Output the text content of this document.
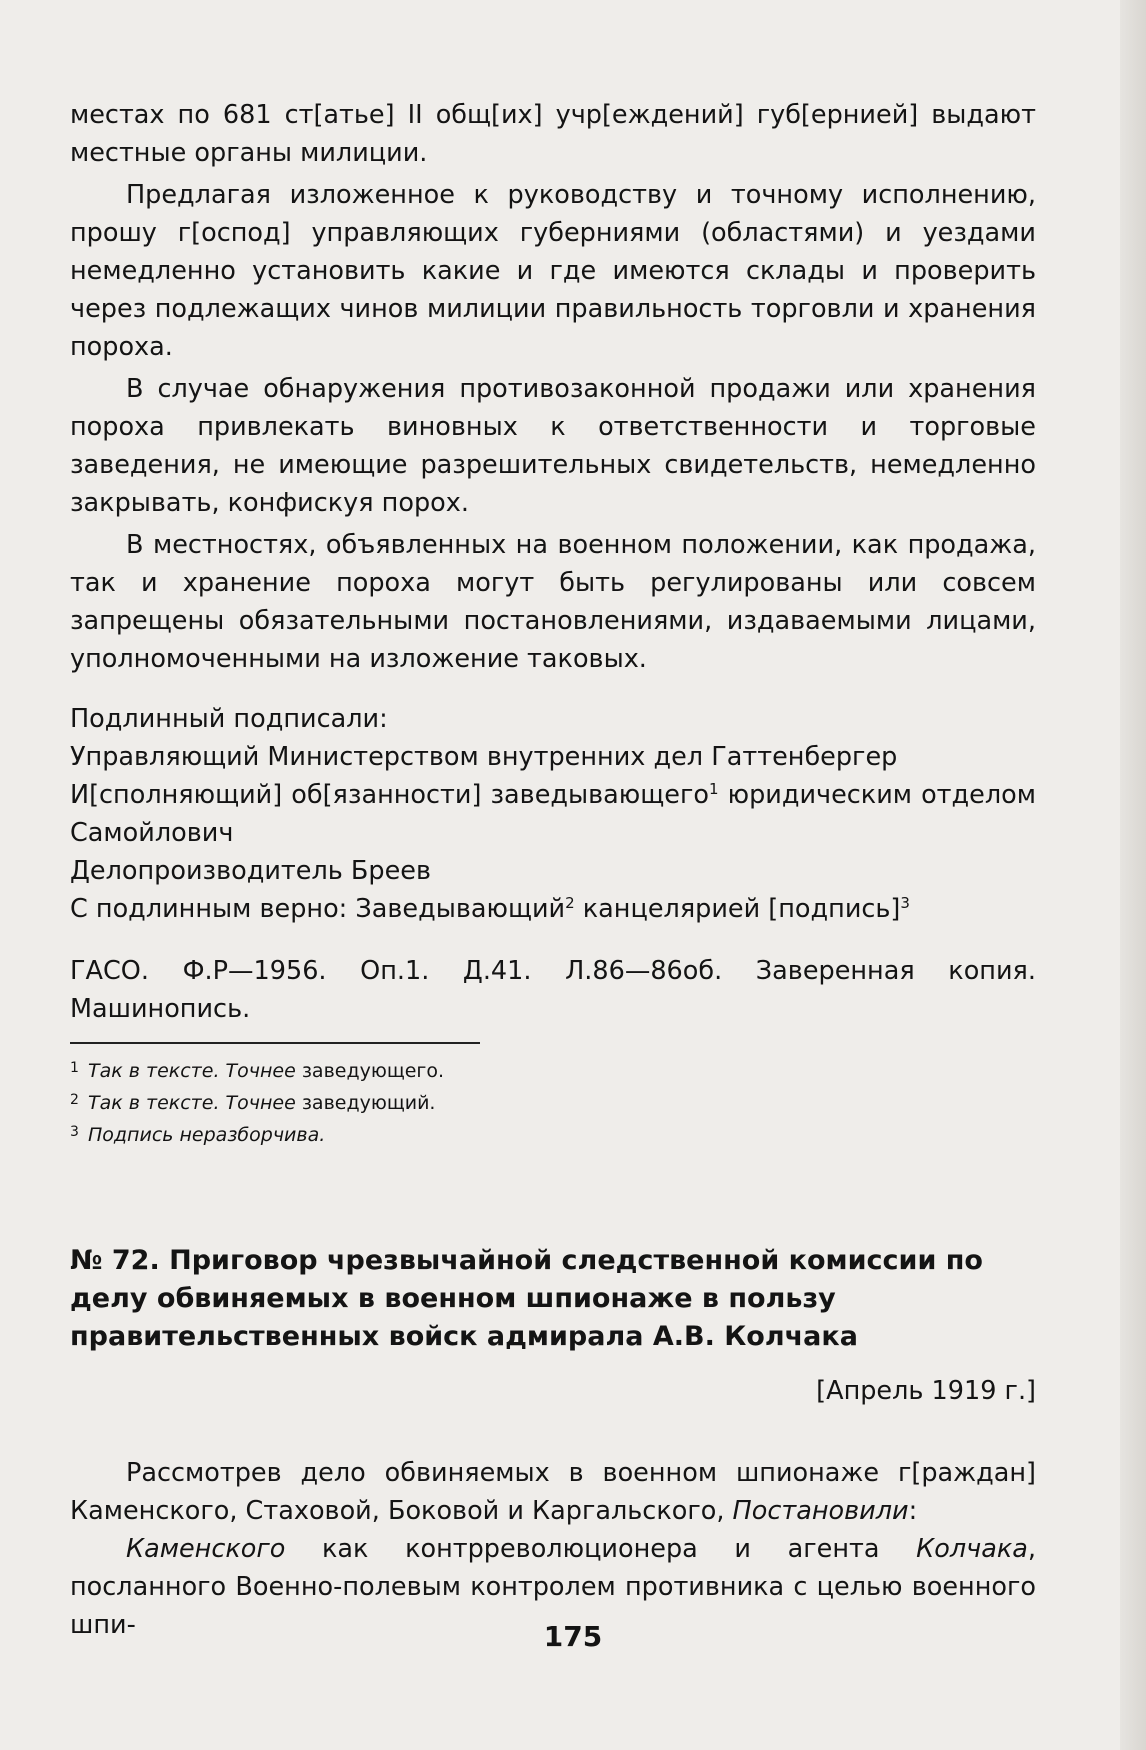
местах по 681 ст[атье] II общ[их] учр[еждений] губ[ернией] выдают местные органы милиции.

Предлагая изложенное к руководству и точному исполнению, прошу г[оспод] управляющих губерниями (областями) и уездами немедленно установить какие и где имеются склады и проверить через подлежащих чинов милиции правильность торговли и хранения пороха.

В случае обнаружения противозаконной продажи или хранения пороха привлекать виновных к ответственности и торговые заведения, не имеющие разрешительных свидетельств, немедленно закрывать, конфискуя порох.

В местностях, объявленных на военном положении, как продажа, так и хранение пороха могут быть регулированы или совсем запрещены обязательными постановлениями, издаваемыми лицами, уполномоченными на изложение таковых.

Подлинный подписали:
Управляющий Министерством внутренних дел Гаттенбергер

И[сполняющий] об[язанности] заведывающего$^1$ юридическим отделом Самойлович

Делопроизводитель Бреев
С подлинным верно: Заведывающий$^2$ канцелярией [подпись]$^3$

ГАСО. Ф.Р—1956. Оп.1. Д.41. Л.86—86об. Заверенная копия. Машинопись.

1 Так в тексте. Точнее заведующего.
2 Так в тексте. Точнее заведующий.
3 Подпись неразборчива.

№ 72. Приговор чрезвычайной следственной комиссии по делу обвиняемых в военном шпионаже в пользу правительственных войск адмирала А.В. Колчака

[Апрель 1919 г.]

Рассмотрев дело обвиняемых в военном шпионаже г[раждан] Каменского, Стаховой, Боковой и Каргальского, Постановили:

Каменского как контрреволюционера и агента Колчака, посланного Военно-полевым контролем противника с целью военного шпи-	175
